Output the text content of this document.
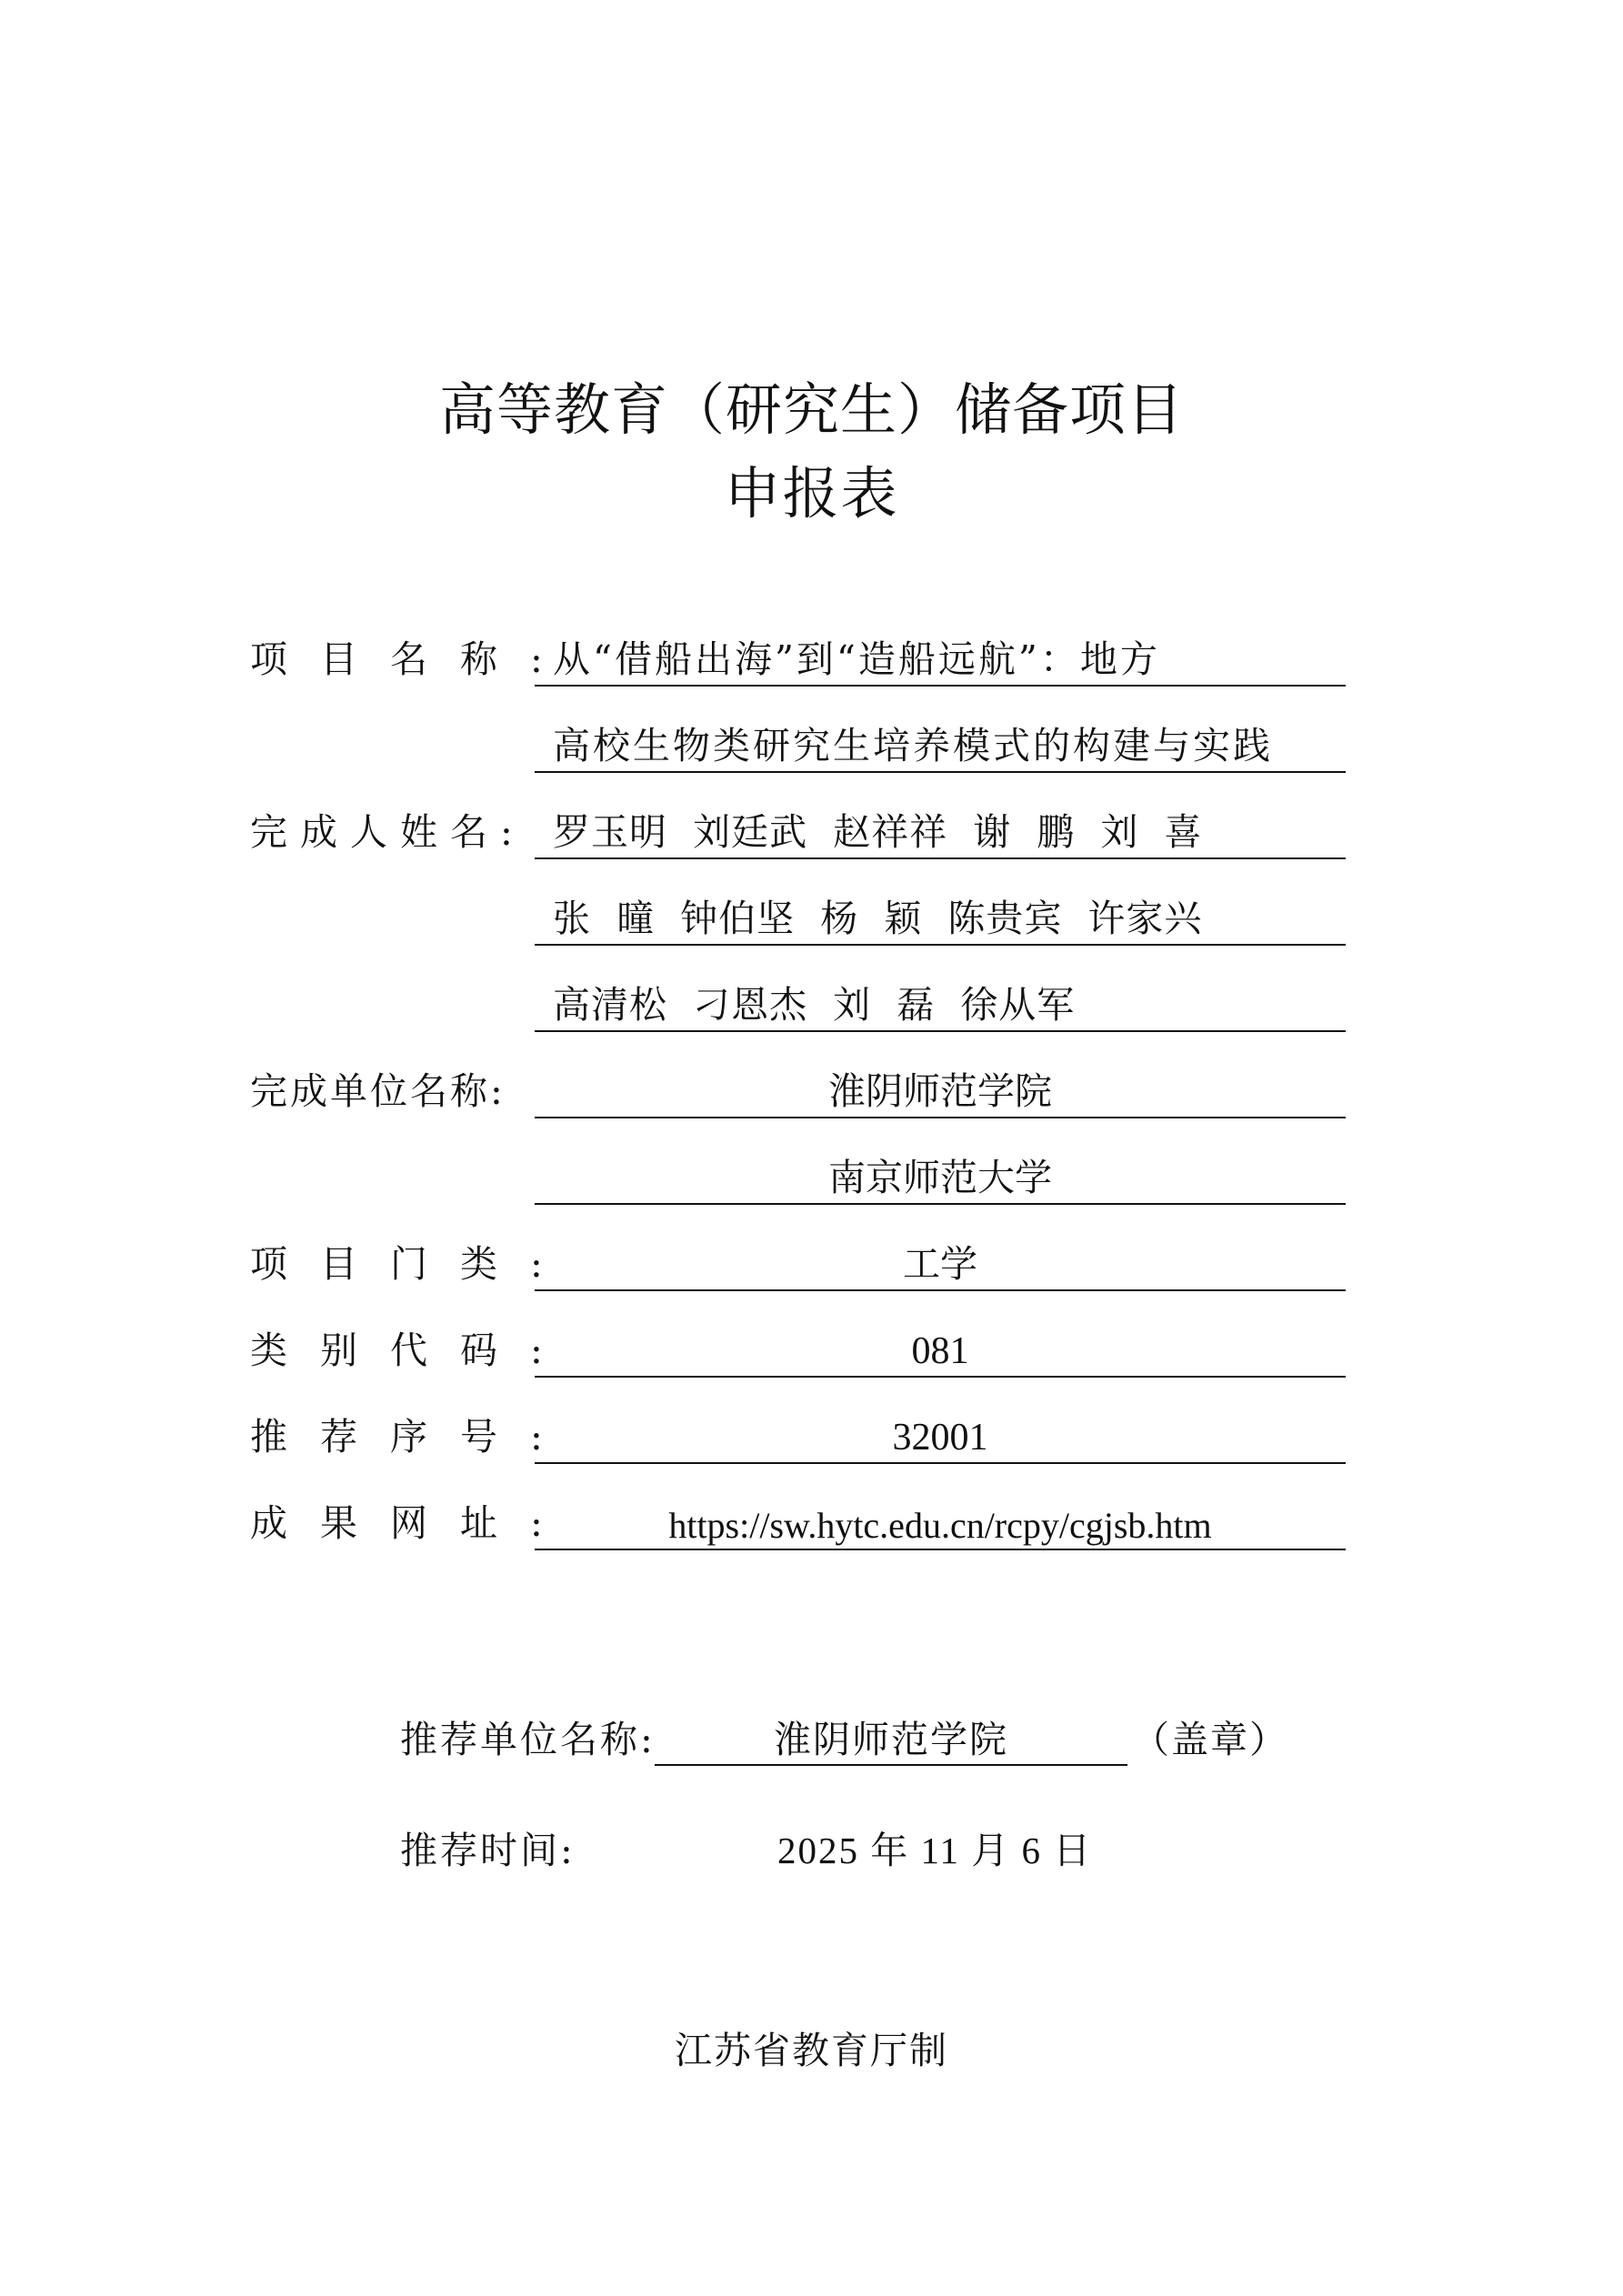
高等教育（研究生）储备项目
申报表
项目名称: 从“借船出海”到“造船远航”：地方
高校生物类研究生培养模式的构建与实践
完成人姓名: 罗玉明  刘廷武  赵祥祥  谢  鹏  刘  喜
张  曈  钟伯坚  杨  颖  陈贵宾  许家兴
高清松  刁恩杰  刘  磊  徐从军
完成单位名称:	淮阴师范学院
南京师范大学
项目门类:	工学
类别代码:	081
推荐序号:	32001
成果网址:	https://sw.hytc.edu.cn/rcpy/cgjsb.htm
推荐单位名称:	淮阴师范学院	（盖章）
推荐时间:	2025 年 11 月 6 日
江苏省教育厅制
